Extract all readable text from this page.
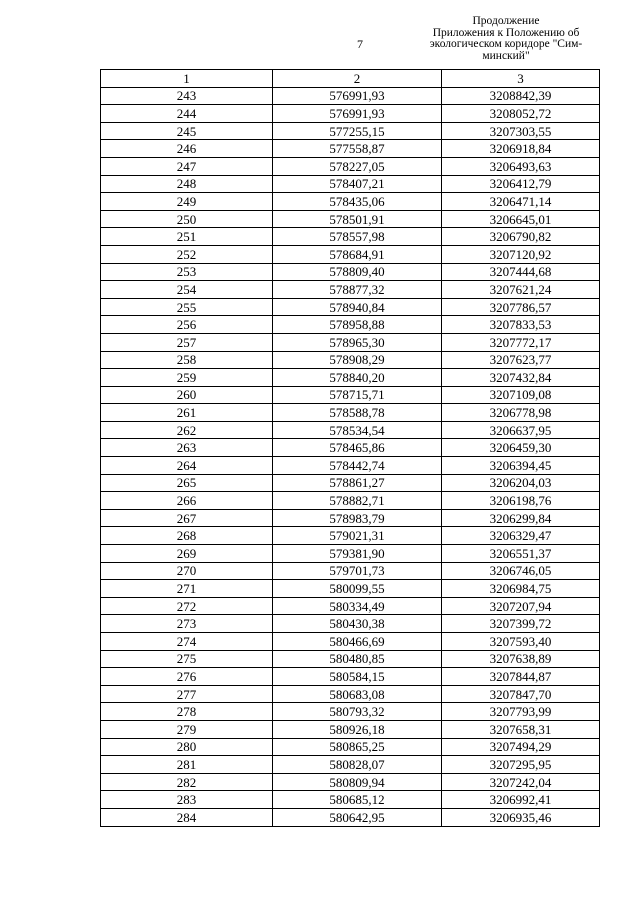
7
Продолжение
Приложения к Положению об
экологическом коридоре "Сим-
минский"
1	2	3
243	576991,93	3208842,39
244	576991,93	3208052,72
245	577255,15	3207303,55
246	577558,87	3206918,84
247	578227,05	3206493,63
248	578407,21	3206412,79
249	578435,06	3206471,14
250	578501,91	3206645,01
251	578557,98	3206790,82
252	578684,91	3207120,92
253	578809,40	3207444,68
254	578877,32	3207621,24
255	578940,84	3207786,57
256	578958,88	3207833,53
257	578965,30	3207772,17
258	578908,29	3207623,77
259	578840,20	3207432,84
260	578715,71	3207109,08
261	578588,78	3206778,98
262	578534,54	3206637,95
263	578465,86	3206459,30
264	578442,74	3206394,45
265	578861,27	3206204,03
266	578882,71	3206198,76
267	578983,79	3206299,84
268	579021,31	3206329,47
269	579381,90	3206551,37
270	579701,73	3206746,05
271	580099,55	3206984,75
272	580334,49	3207207,94
273	580430,38	3207399,72
274	580466,69	3207593,40
275	580480,85	3207638,89
276	580584,15	3207844,87
277	580683,08	3207847,70
278	580793,32	3207793,99
279	580926,18	3207658,31
280	580865,25	3207494,29
281	580828,07	3207295,95
282	580809,94	3207242,04
283	580685,12	3206992,41
284	580642,95	3206935,46
